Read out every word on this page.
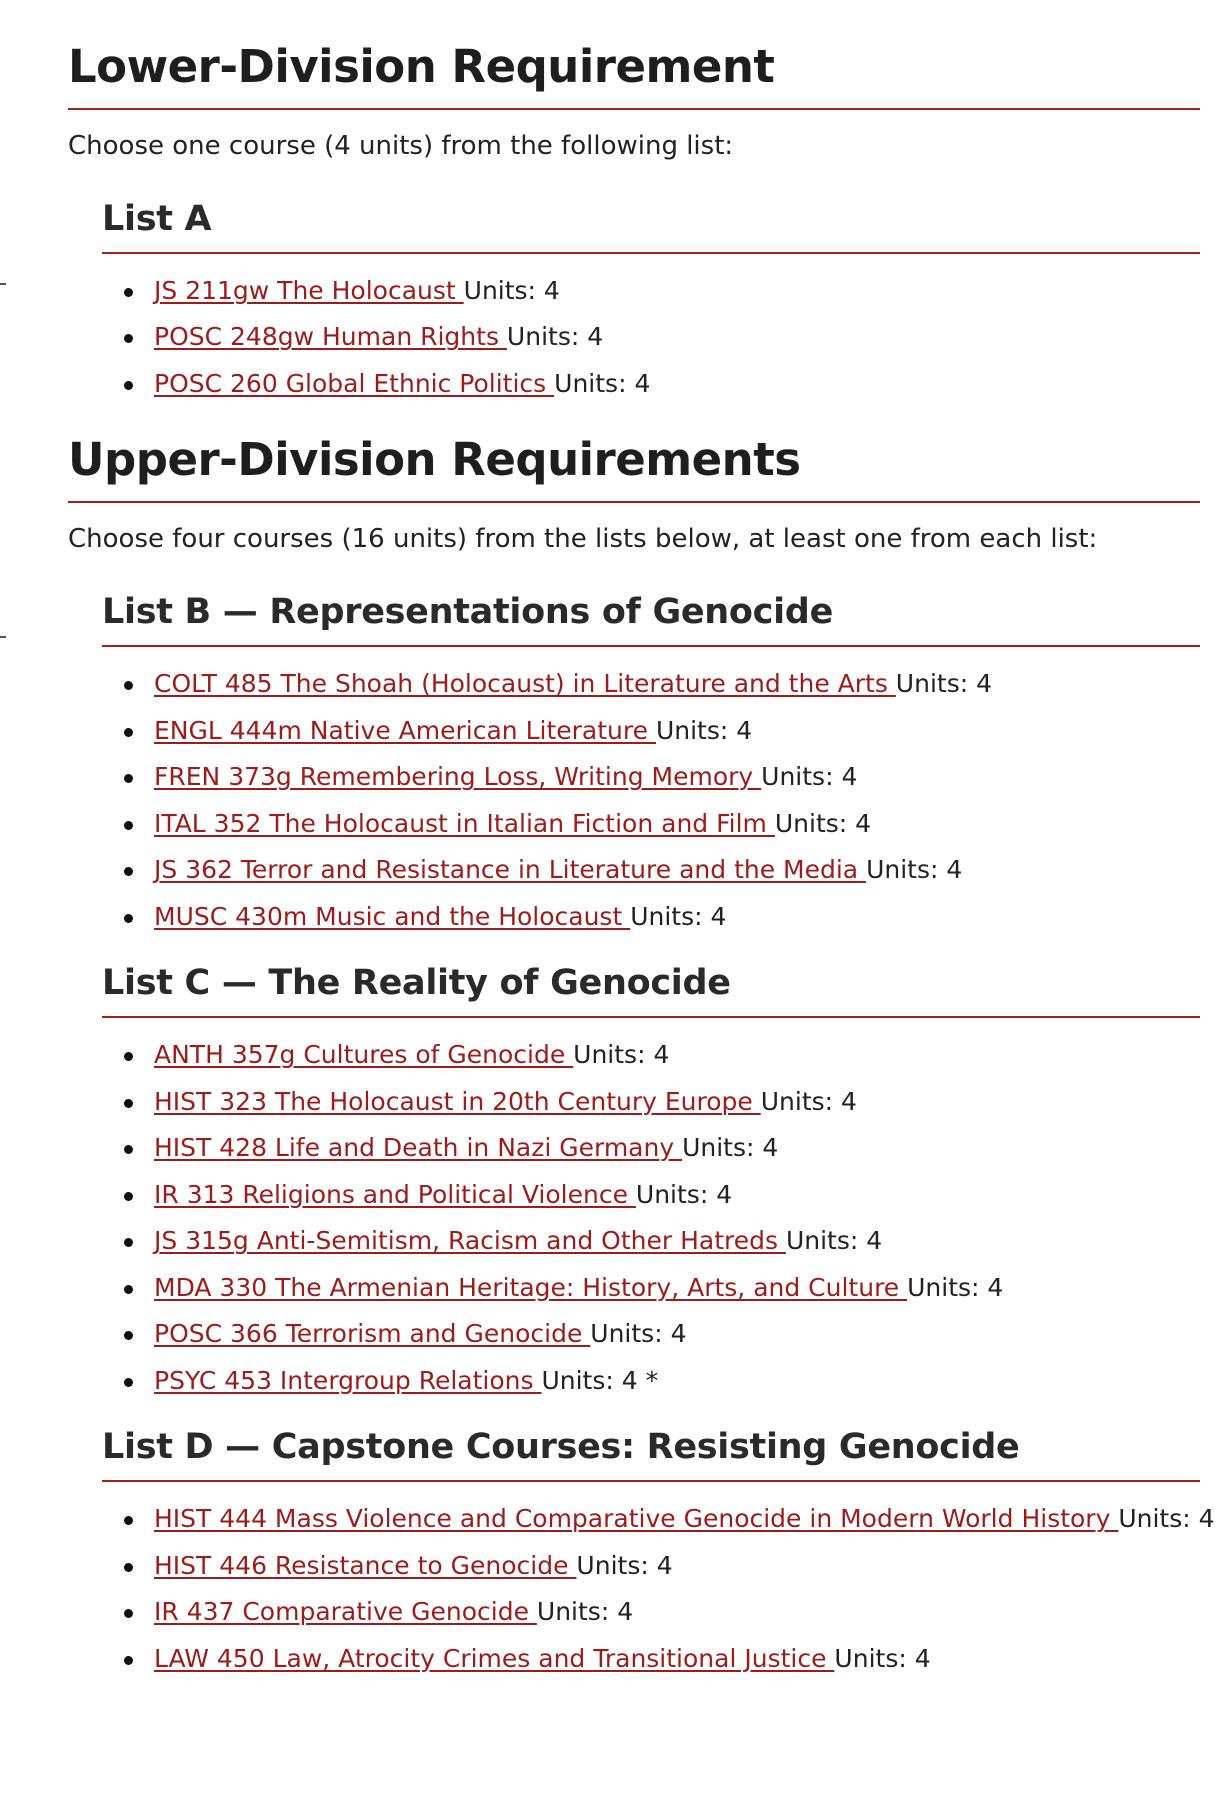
Lower-Division Requirement

Choose one course (4 units) from the following list:

List A
JS 211gw The Holocaust Units: 4
POSC 248gw Human Rights Units: 4
POSC 260 Global Ethnic Politics Units: 4
Upper-Division Requirements

Choose four courses (16 units) from the lists below, at least one from each list:

List B — Representations of Genocide
COLT 485 The Shoah (Holocaust) in Literature and the Arts Units: 4
ENGL 444m Native American Literature Units: 4
FREN 373g Remembering Loss, Writing Memory Units: 4
ITAL 352 The Holocaust in Italian Fiction and Film Units: 4
JS 362 Terror and Resistance in Literature and the Media Units: 4
MUSC 430m Music and the Holocaust Units: 4
List C — The Reality of Genocide
ANTH 357g Cultures of Genocide Units: 4
HIST 323 The Holocaust in 20th Century Europe Units: 4
HIST 428 Life and Death in Nazi Germany Units: 4
IR 313 Religions and Political Violence Units: 4
JS 315g Anti-Semitism, Racism and Other Hatreds Units: 4
MDA 330 The Armenian Heritage: History, Arts, and Culture Units: 4
POSC 366 Terrorism and Genocide Units: 4
PSYC 453 Intergroup Relations Units: 4 *
List D — Capstone Courses: Resisting Genocide
HIST 444 Mass Violence and Comparative Genocide in Modern World History Units: 4
HIST 446 Resistance to Genocide Units: 4
IR 437 Comparative Genocide Units: 4
LAW 450 Law, Atrocity Crimes and Transitional Justice Units: 4
